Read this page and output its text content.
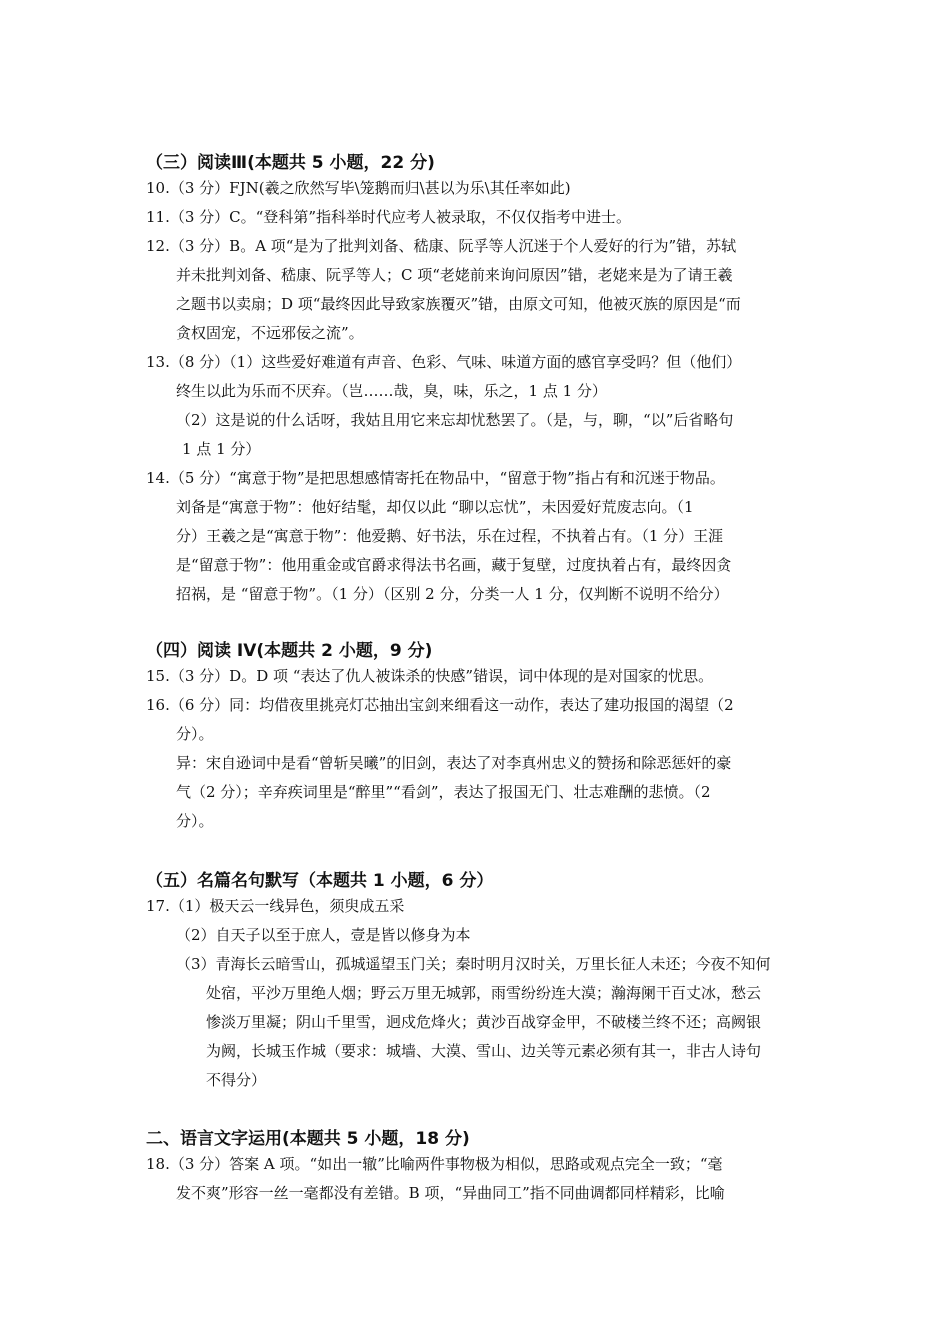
（三）阅读Ⅲ(本题共 5 小题，22 分)
10.（3 分）FJN(羲之欣然写毕\笼鹅而归\甚以为乐\其任率如此)
11.（3 分）C。“登科第”指科举时代应考人被录取，不仅仅指考中进士。
12.（3 分）B。A 项“是为了批判刘备、嵇康、阮孚等人沉迷于个人爱好的行为”错，苏轼
并未批判刘备、嵇康、阮孚等人；C 项“老姥前来询问原因”错，老姥来是为了请王羲
之题书以卖扇；D 项“最终因此导致家族覆灭”错，由原文可知，他被灭族的原因是“而
贪权固宠，不远邪佞之流”。
13.（8 分）（1）这些爱好难道有声音、色彩、气味、味道方面的感官享受吗？但（他们）
终生以此为乐而不厌弃。（岂……哉，臭，味，乐之，1 点 1 分）
（2）这是说的什么话呀，我姑且用它来忘却忧愁罢了。（是，与，聊，“以”后省略句
1 点 1 分）
14.（5 分）“寓意于物”是把思想感情寄托在物品中，“留意于物”指占有和沉迷于物品。
刘备是“寓意于物”：他好结髦，却仅以此 “聊以忘忧”，未因爱好荒废志向。（1
分）王羲之是“寓意于物”：他爱鹅、好书法，乐在过程，不执着占有。（1 分）王涯
是“留意于物”：他用重金或官爵求得法书名画，藏于复壁，过度执着占有，最终因贪
招祸，是 “留意于物”。（1 分）（区别 2 分，分类一人 1 分，仅判断不说明不给分）
（四）阅读 IV(本题共 2 小题，9 分)
15.（3 分）D。D 项 “表达了仇人被诛杀的快感”错误，词中体现的是对国家的忧思。
16.（6 分）同：均借夜里挑亮灯芯抽出宝剑来细看这一动作，表达了建功报国的渴望（2
分）。
异：宋自逊词中是看“曾斩吴曦”的旧剑，表达了对李真州忠义的赞扬和除恶惩奸的豪
气（2 分）；辛弃疾词里是“醉里”“看剑”，表达了报国无门、壮志难酬的悲愤。（2
分）。
（五）名篇名句默写（本题共 1 小题，6 分）
17.（1）极天云一线异色，须臾成五采
（2）自天子以至于庶人，壹是皆以修身为本
（3）青海长云暗雪山，孤城遥望玉门关；秦时明月汉时关，万里长征人未还；今夜不知何
处宿，平沙万里绝人烟；野云万里无城郭，雨雪纷纷连大漠；瀚海阑干百丈冰，愁云
惨淡万里凝；阴山千里雪，迥戍危烽火；黄沙百战穿金甲，不破楼兰终不还；高阙银
为阙，长城玉作城（要求：城墙、大漠、雪山、边关等元素必须有其一，非古人诗句
不得分）
二、语言文字运用(本题共 5 小题，18 分)
18.（3 分）答案 A 项。“如出一辙”比喻两件事物极为相似，思路或观点完全一致；“毫
发不爽”形容一丝一毫都没有差错。B 项，“异曲同工”指不同曲调都同样精彩，比喻
